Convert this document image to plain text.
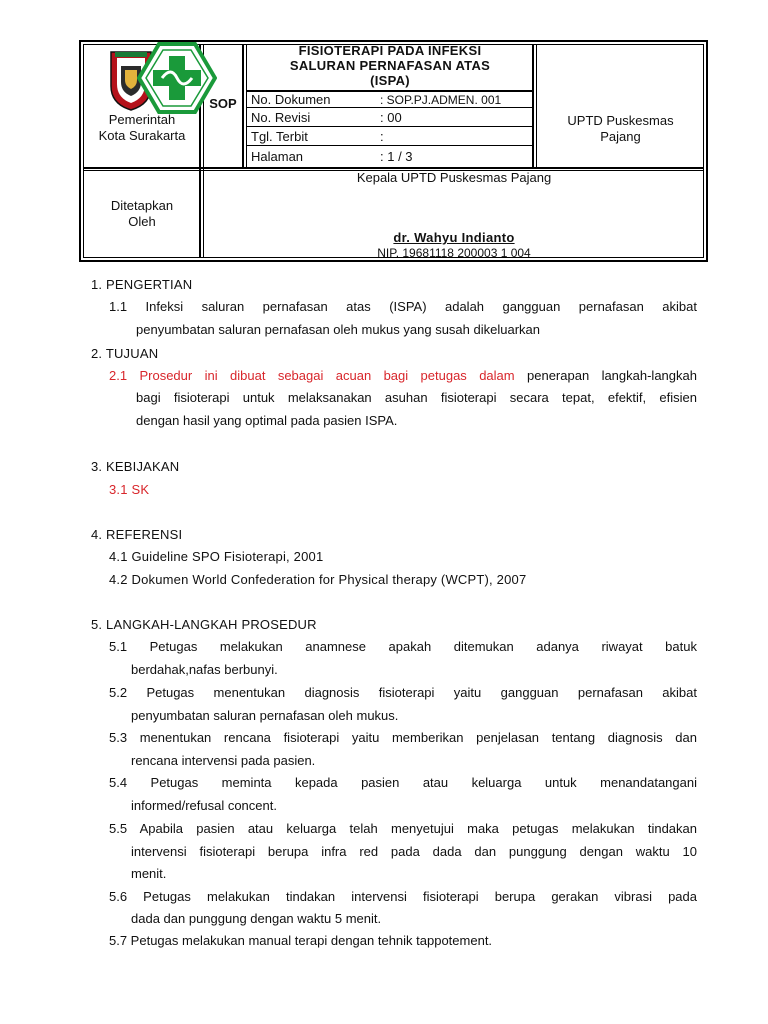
Pemerintah
Kota Surakarta
SOP
FISIOTERAPI PADA INFEKSI
SALURAN PERNAFASAN ATAS
(ISPA)
No. Dokumen	: SOP.PJ.ADMEN. 001
No. Revisi	: 00
Tgl. Terbit	:
Halaman	: 1 / 3
UPTD Puskesmas
Pajang
Ditetapkan
Oleh
Kepala UPTD Puskesmas Pajang
dr. Wahyu Indianto
NIP. 19681118 200003 1 004
1. PENGERTIAN
1.1 Infeksi saluran pernafasan atas (ISPA) adalah gangguan pernafasan akibat
penyumbatan saluran pernafasan oleh mukus yang susah dikeluarkan
2. TUJUAN
2.1 Prosedur ini dibuat sebagai acuan bagi petugas dalam penerapan langkah-langkah
bagi fisioterapi untuk melaksanakan asuhan fisioterapi secara tepat, efektif, efisien
dengan hasil yang optimal pada pasien ISPA.
3. KEBIJAKAN
3.1 SK
4. REFERENSI
4.1 Guideline SPO Fisioterapi, 2001
4.2 Dokumen World Confederation for Physical therapy (WCPT), 2007
5. LANGKAH-LANGKAH PROSEDUR
5.1 Petugas melakukan anamnese apakah ditemukan adanya riwayat batuk
berdahak,nafas berbunyi.
5.2 Petugas menentukan diagnosis fisioterapi yaitu gangguan pernafasan akibat
penyumbatan saluran pernafasan oleh mukus.
5.3 menentukan rencana fisioterapi yaitu memberikan penjelasan tentang diagnosis dan
rencana intervensi pada pasien.
5.4 Petugas meminta kepada pasien atau keluarga untuk menandatangani
informed/refusal concent.
5.5 Apabila pasien atau keluarga telah menyetujui maka petugas melakukan tindakan
intervensi fisioterapi berupa infra red pada dada dan punggung dengan waktu 10
menit.
5.6 Petugas melakukan tindakan intervensi fisioterapi berupa gerakan vibrasi pada
dada dan punggung dengan waktu 5 menit.
5.7 Petugas melakukan manual terapi dengan tehnik tappotement.
